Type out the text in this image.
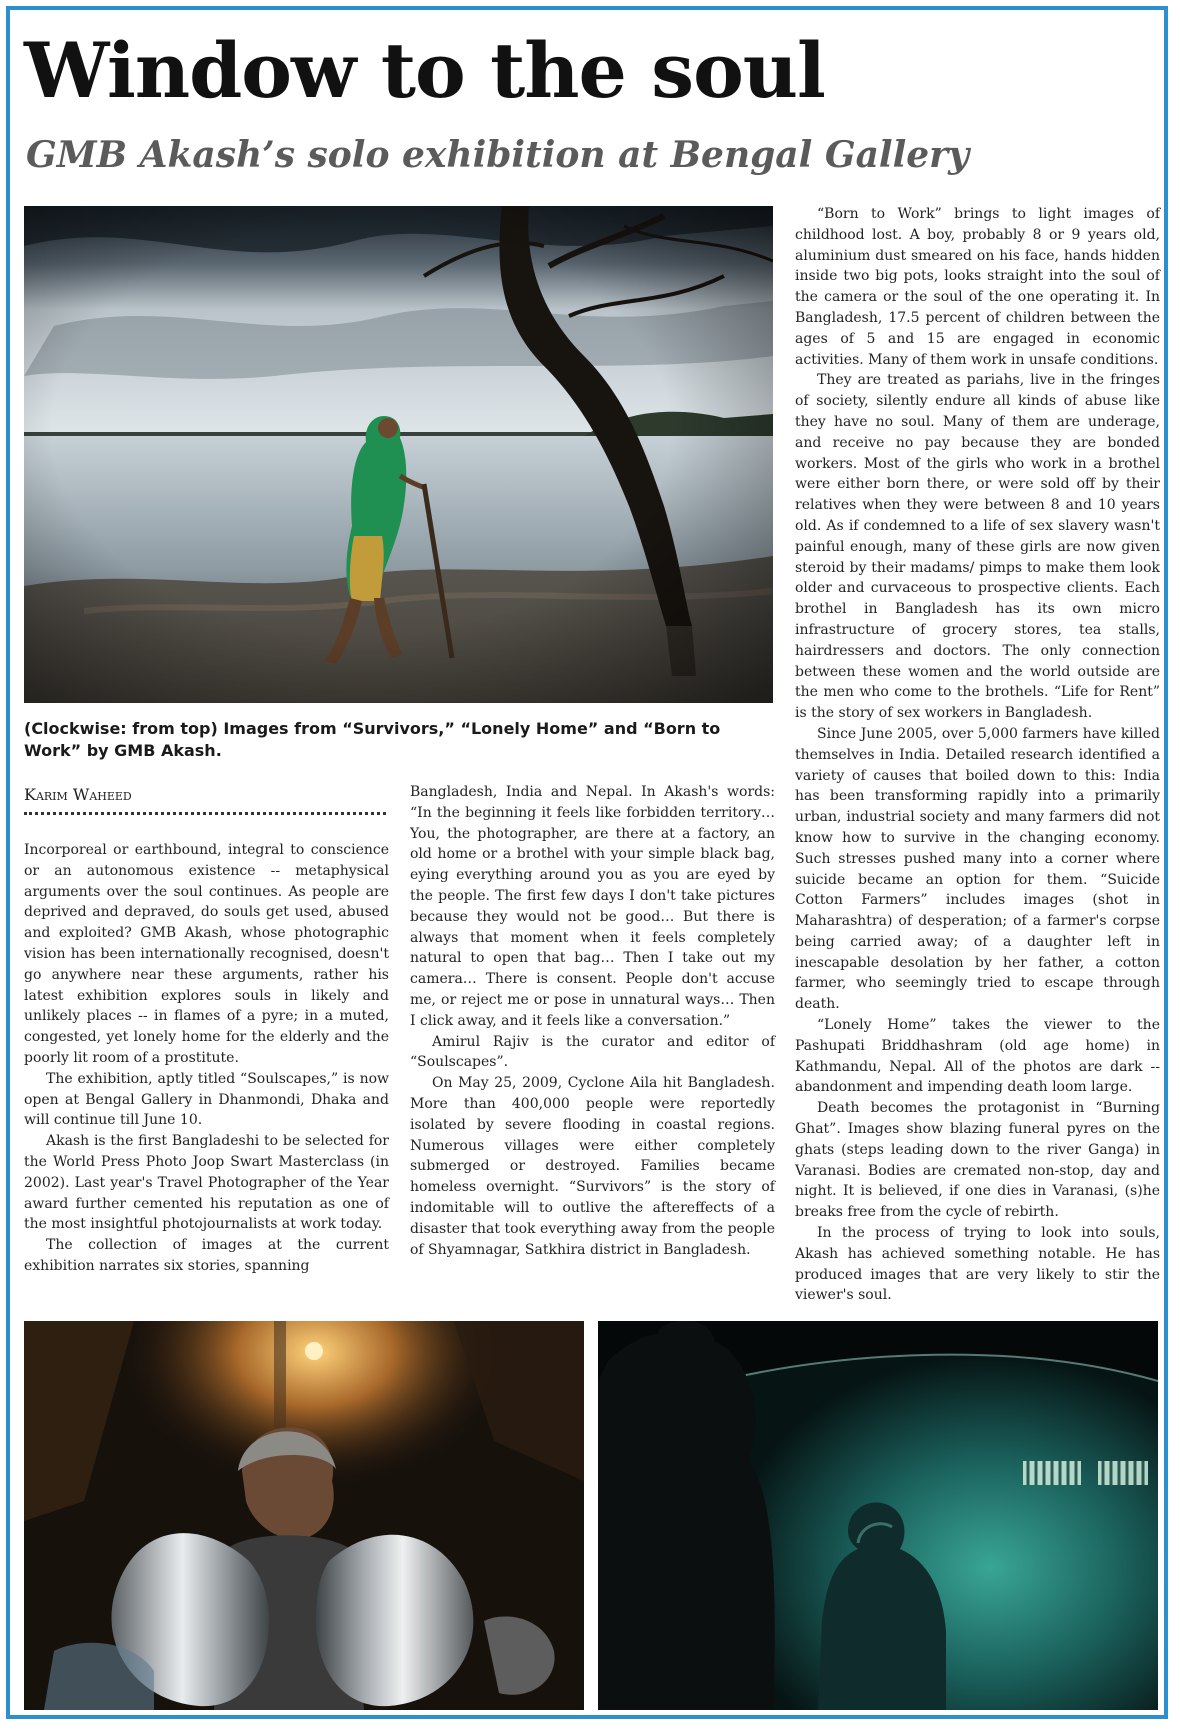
Window to the soul
GMB Akash’s solo exhibition at Bengal Gallery

(Clockwise: from top) Images from “Survivors,” “Lonely Home” and “Born to Work” by GMB Akash.

Karim Waheed

Incorporeal or earthbound, integral to conscience or an autonomous existence -- metaphysical arguments over the soul continues. As people are deprived and depraved, do souls get used, abused and exploited? GMB Akash, whose photographic vision has been internationally recognised, doesn't go anywhere near these arguments, rather his latest exhibition explores souls in likely and unlikely places -- in flames of a pyre; in a muted, congested, yet lonely home for the elderly and the poorly lit room of a prostitute.

The exhibition, aptly titled “Soulscapes,” is now open at Bengal Gallery in Dhanmondi, Dhaka and will continue till June 10.

Akash is the first Bangladeshi to be selected for the World Press Photo Joop Swart Masterclass (in 2002). Last year's Travel Photographer of the Year award further cemented his reputation as one of the most insightful photojournalists at work today.

The collection of images at the current exhibition narrates six stories, spanning

Bangladesh, India and Nepal. In Akash's words: “In the beginning it feels like forbidden territory… You, the photographer, are there at a factory, an old home or a brothel with your simple black bag, eying everything around you as you are eyed by the people. The first few days I don't take pictures because they would not be good… But there is always that moment when it feels completely natural to open that bag… Then I take out my camera… There is consent. People don't accuse me, or reject me or pose in unnatural ways… Then I click away, and it feels like a conversation.”

Amirul Rajiv is the curator and editor of “Soulscapes”.

On May 25, 2009, Cyclone Aila hit Bangladesh. More than 400,000 people were reportedly isolated by severe flooding in coastal regions. Numerous villages were either completely submerged or destroyed. Families became homeless overnight. “Survivors” is the story of indomitable will to outlive the aftereffects of a disaster that took everything away from the people of Shyamnagar, Satkhira district in Bangladesh.

“Born to Work” brings to light images of childhood lost. A boy, probably 8 or 9 years old, aluminium dust smeared on his face, hands hidden inside two big pots, looks straight into the soul of the camera or the soul of the one operating it. In Bangladesh, 17.5 percent of children between the ages of 5 and 15 are engaged in economic activities. Many of them work in unsafe conditions.

They are treated as pariahs, live in the fringes of society, silently endure all kinds of abuse like they have no soul. Many of them are underage, and receive no pay because they are bonded workers. Most of the girls who work in a brothel were either born there, or were sold off by their relatives when they were between 8 and 10 years old. As if condemned to a life of sex slavery wasn't painful enough, many of these girls are now given steroid by their madams/ pimps to make them look older and curvaceous to prospective clients. Each brothel in Bangladesh has its own micro infrastructure of grocery stores, tea stalls, hairdressers and doctors. The only connection between these women and the world outside are the men who come to the brothels. “Life for Rent” is the story of sex workers in Bangladesh.

Since June 2005, over 5,000 farmers have killed themselves in India. Detailed research identified a variety of causes that boiled down to this: India has been transforming rapidly into a primarily urban, industrial society and many farmers did not know how to survive in the changing economy. Such stresses pushed many into a corner where suicide became an option for them. “Suicide Cotton Farmers” includes images (shot in Maharashtra) of desperation; of a farmer's corpse being carried away; of a daughter left in inescapable desolation by her father, a cotton farmer, who seemingly tried to escape through death.

“Lonely Home” takes the viewer to the Pashupati Briddhashram (old age home) in Kathmandu, Nepal. All of the photos are dark -- abandonment and impending death loom large.

Death becomes the protagonist in “Burning Ghat”. Images show blazing funeral pyres on the ghats (steps leading down to the river Ganga) in Varanasi. Bodies are cremated non-stop, day and night. It is believed, if one dies in Varanasi, (s)he breaks free from the cycle of rebirth.

In the process of trying to look into souls, Akash has achieved something notable. He has produced images that are very likely to stir the viewer's soul.
